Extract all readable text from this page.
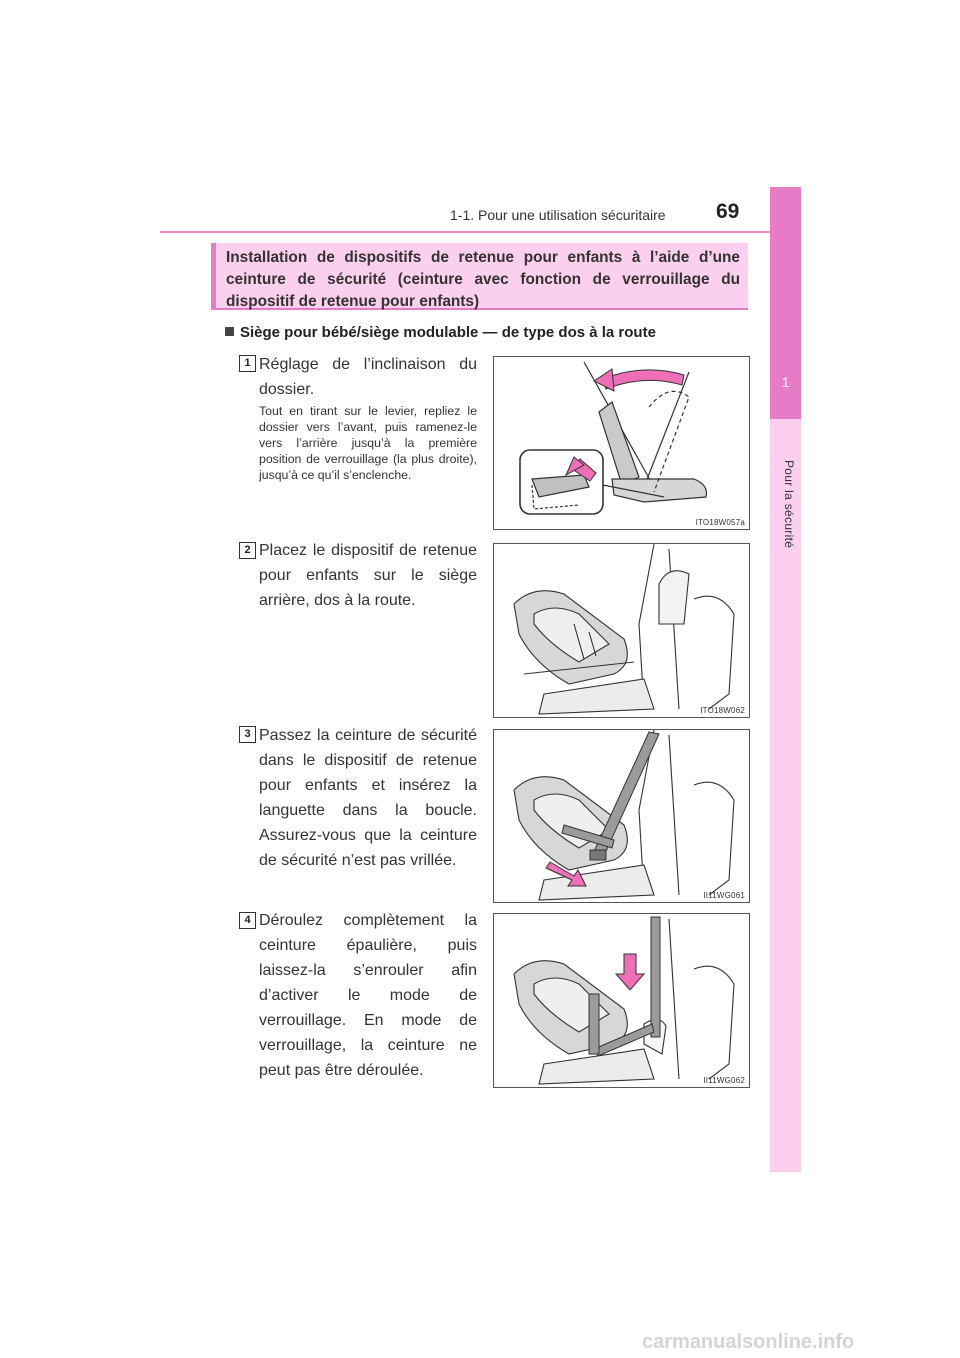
1-1. Pour une utilisation sécuritaire 69
1
Pour la sécurité
Installation de dispositifs de retenue pour enfants à l’aide d’une ceinture de sécurité (ceinture avec fonction de verrouillage du dispositif de retenue pour enfants)
Siège pour bébé/siège modulable — de type dos à la route
1 Réglage de l’inclinaison du dossier.
Tout en tirant sur le levier, repliez le dossier vers l’avant, puis ramenez-le vers l’arrière jusqu’à la première position de verrouillage (la plus droite), jusqu’à ce qu’il s’enclenche.
ITO18W057a
2 Placez le dispositif de retenue pour enfants sur le siège arrière, dos à la route.
ITO18W062
3 Passez la ceinture de sécurité dans le dispositif de retenue pour enfants et insérez la languette dans la boucle. Assurez-vous que la ceinture de sécurité n’est pas vrillée.
II11WG061
4 Déroulez complètement la ceinture épaulière, puis laissez-la s’enrouler afin d’activer le mode de verrouillage. En mode de verrouillage, la ceinture ne peut pas être déroulée.
II11WG062
carmanualsonline.info
